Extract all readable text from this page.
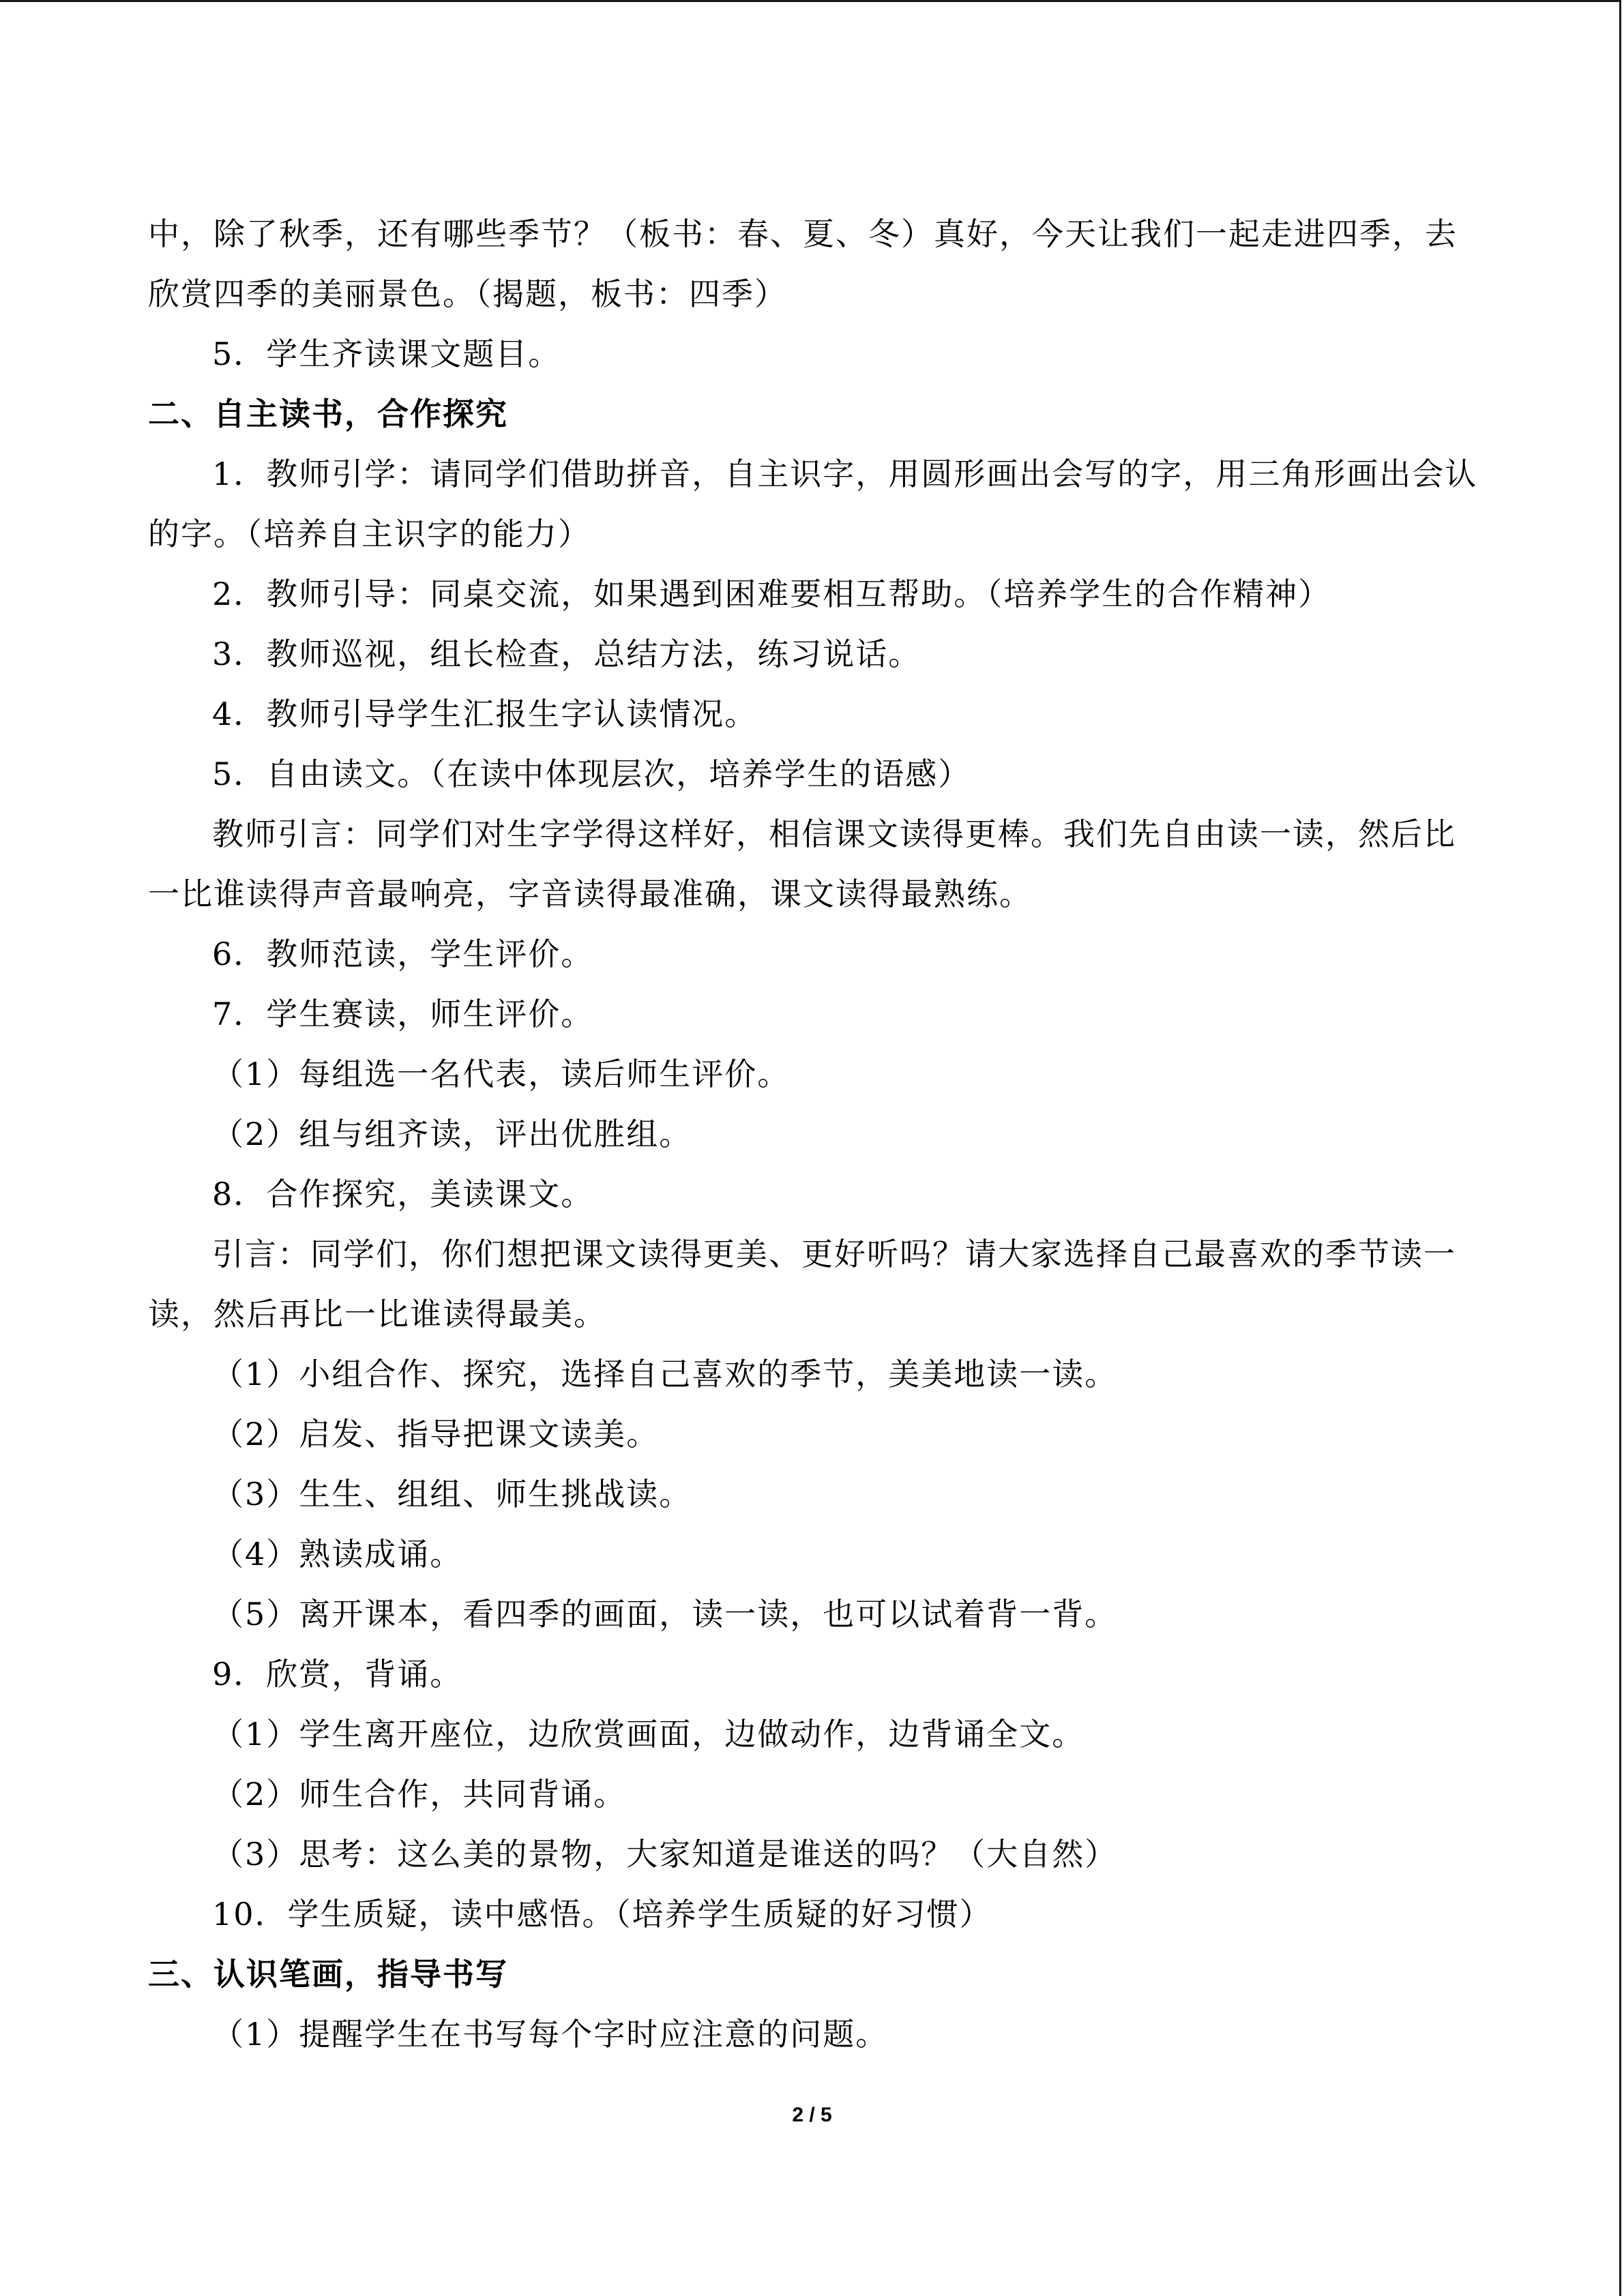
中，除了秋季，还有哪些季节？（板书：春、夏、冬）真好，今天让我们一起走进四季，去
欣赏四季的美丽景色。（揭题，板书：四季）
5．学生齐读课文题目。
二、自主读书，合作探究
1．教师引学：请同学们借助拼音，自主识字，用圆形画出会写的字，用三角形画出会认
的字。（培养自主识字的能力）
2．教师引导：同桌交流，如果遇到困难要相互帮助。（培养学生的合作精神）
3．教师巡视，组长检查，总结方法，练习说话。
4．教师引导学生汇报生字认读情况。
5．自由读文。（在读中体现层次，培养学生的语感）
教师引言：同学们对生字学得这样好，相信课文读得更棒。我们先自由读一读，然后比
一比谁读得声音最响亮，字音读得最准确，课文读得最熟练。
6．教师范读，学生评价。
7．学生赛读，师生评价。
（1）每组选一名代表，读后师生评价。
（2）组与组齐读，评出优胜组。
8．合作探究，美读课文。
引言：同学们，你们想把课文读得更美、更好听吗？请大家选择自己最喜欢的季节读一
读，然后再比一比谁读得最美。
（1）小组合作、探究，选择自己喜欢的季节，美美地读一读。
（2）启发、指导把课文读美。
（3）生生、组组、师生挑战读。
（4）熟读成诵。
（5）离开课本，看四季的画面，读一读，也可以试着背一背。
9．欣赏，背诵。
（1）学生离开座位，边欣赏画面，边做动作，边背诵全文。
（2）师生合作，共同背诵。
（3）思考：这么美的景物，大家知道是谁送的吗？（大自然）
10．学生质疑，读中感悟。（培养学生质疑的好习惯）
三、认识笔画，指导书写
（1）提醒学生在书写每个字时应注意的问题。
2 / 5
